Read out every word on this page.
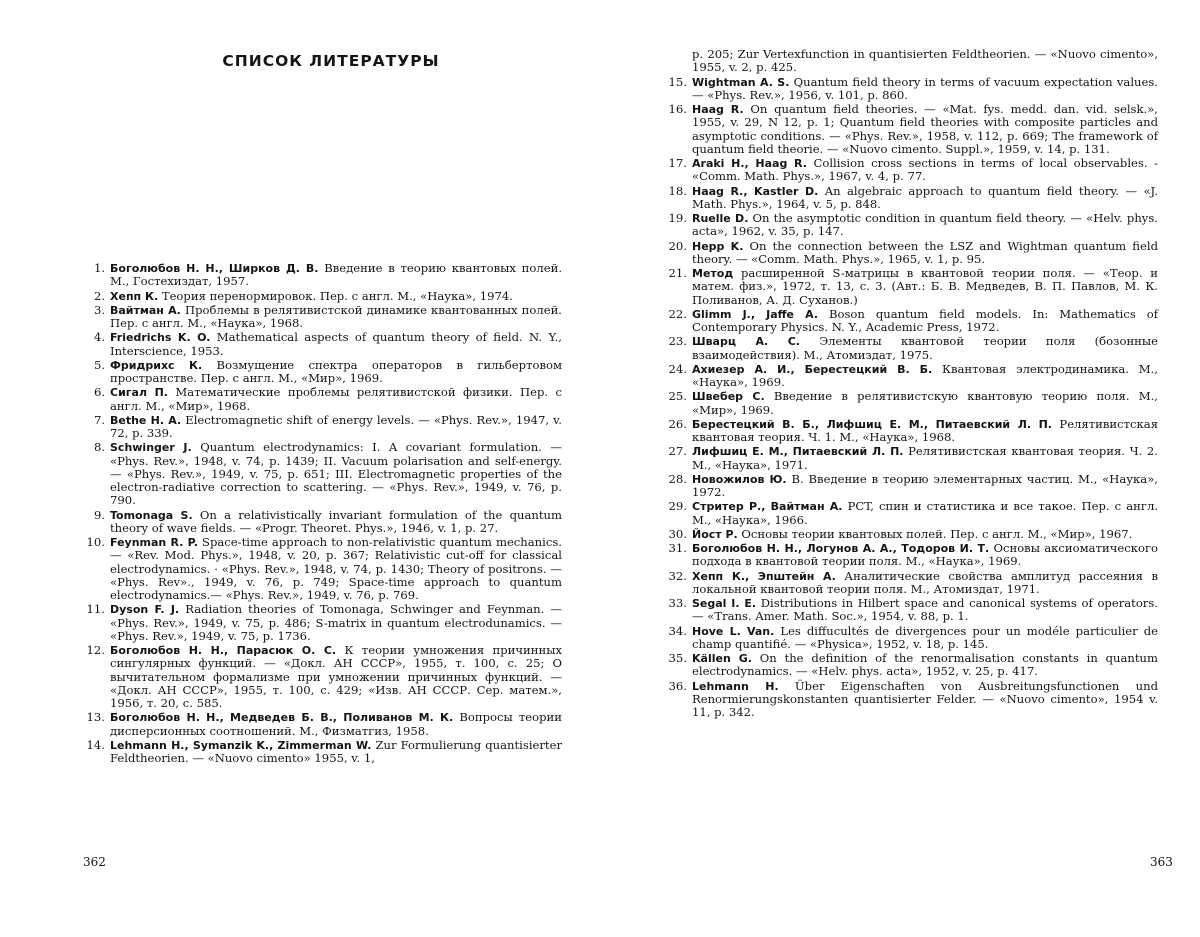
СПИСОК ЛИТЕРАТУРЫ
1. Боголюбов Н. Н., Ширков Д. В. Введение в теорию квантовых полей. М., Гостехиздат, 1957.
2. Хепп К. Теория перенормировок. Пер. с англ. М., «Наука», 1974.
3. Вайтман А. Проблемы в релятивистской динамике квантованных полей. Пер. с англ. М., «Наука», 1968.
4. Friedrichs K. O. Mathematical aspects of quantum theory of field. N. Y., Interscience, 1953.
5. Фридрихс К. Возмущение спектра операторов в гильбертовом пространстве. Пер. с англ. М., «Мир», 1969.
6. Сигал П. Математические проблемы релятивистской физики. Пер. с англ. М., «Мир», 1968.
7. Bethe H. A. Electromagnetic shift of energy levels. — «Phys. Rev.», 1947, v. 72, p. 339.
8. Schwinger J. Quantum electrodynamics: I. A covariant formulation. — «Phys. Rev.», 1948, v. 74, p. 1439; II. Vacuum polarisation and self-energy. — «Phys. Rev.», 1949, v. 75, p. 651; III. Electromagnetic properties of the electron-radiative correction to scattering. — «Phys. Rev.», 1949, v. 76, p. 790.
9. Tomonaga S. On a relativistically invariant formulation of the quantum theory of wave fields. — «Progr. Theoret. Phys.», 1946, v. 1, p. 27.
10. Feynman R. P. Space-time approach to non-relativistic quantum mechanics. — «Rev. Mod. Phys.», 1948, v. 20, p. 367; Relativistic cut-off for classical electrodynamics. · «Phys. Rev.», 1948, v. 74, p. 1430; Theory of positrons. — «Phys. Rev»., 1949, v. 76, p. 749; Space-time approach to quantum electrodynamics.— «Phys. Rev.», 1949, v. 76, p. 769.
11. Dyson F. J. Radiation theories of Tomonaga, Schwinger and Feynman. — «Phys. Rev.», 1949, v. 75, p. 486; S-matrix in quantum electrodunamics. — «Phys. Rev.», 1949, v. 75, p. 1736.
12. Боголюбов Н. Н., Парасюк О. С. К теории умножения причинных сингулярных функций. — «Докл. АН СССР», 1955, т. 100, с. 25; О вычитательном формализме при умножении причинных функций. — «Докл. АН СССР», 1955, т. 100, с. 429; «Изв. АН СССР. Сер. матем.», 1956, т. 20, с. 585.
13. Боголюбов Н. Н., Медведев Б. В., Поливанов М. К. Вопросы теории дисперсионных соотношений. М., Физматгиз, 1958.
14. Lehmann H., Symanzik K., Zimmerman W. Zur Formulierung quantisierter Feldtheorien. — «Nuovo cimento» 1955, v. 1,
362
p. 205; Zur Vertexfunction in quantisierten Feldtheorien. — «Nuovo cimento», 1955, v. 2, p. 425.
15. Wightman A. S. Quantum field theory in terms of vacuum expectation values. — «Phys. Rev.», 1956, v. 101, p. 860.
16. Haag R. On quantum field theories. — «Mat. fys. medd. dan. vid. selsk.», 1955, v. 29, N 12, p. 1; Quantum field theories with composite particles and asymptotic conditions. — «Phys. Rev.», 1958, v. 112, p. 669; The framework of quantum field theorie. — «Nuovo cimento. Suppl.», 1959, v. 14, p. 131.
17. Araki H., Haag R. Collision cross sections in terms of local observables. - «Comm. Math. Phys.», 1967, v. 4, p. 77.
18. Haag R., Kastler D. An algebraic approach to quantum field theory. — «J. Math. Phys.», 1964, v. 5, p. 848.
19. Ruelle D. On the asymptotic condition in quantum field theory. — «Helv. phys. acta», 1962, v. 35, p. 147.
20. Hepp K. On the connection between the LSZ and Wightman quantum field theory. — «Comm. Math. Phys.», 1965, v. 1, p. 95.
21. Метод расширенной S-матрицы в квантовой теории поля. — «Теор. и матем. физ.», 1972, т. 13, с. 3. (Авт.: Б. В. Медведев, В. П. Павлов, М. К. Поливанов, А. Д. Суханов.)
22. Glimm J., Jaffe A. Boson quantum field models. In: Mathematics of Contemporary Physics. N. Y., Academic Press, 1972.
23. Шварц А. С. Элементы квантовой теории поля (бозонные взаимодействия). М., Атомиздат, 1975.
24. Ахиезер А. И., Берестецкий В. Б. Квантовая электродинамика. М., «Наука», 1969.
25. Швебер С. Введение в релятивистскую квантовую теорию поля. М., «Мир», 1969.
26. Берестецкий В. Б., Лифшиц Е. М., Питаевский Л. П. Релятивистская квантовая теория. Ч. 1. М., «Наука», 1968.
27. Лифшиц Е. М., Питаевский Л. П. Релятивистская квантовая теория. Ч. 2. М., «Наука», 1971.
28. Новожилов Ю. В. Введение в теорию элементарных частиц. М., «Наука», 1972.
29. Стритер Р., Вайтман А. PCT, спин и статистика и все такое. Пер. с англ. М., «Наука», 1966.
30. Йост Р. Основы теории квантовых полей. Пер. с англ. М., «Мир», 1967.
31. Боголюбов Н. Н., Логунов А. А., Тодоров И. Т. Основы аксиоматического подхода в квантовой теории поля. М., «Наука», 1969.
32. Хепп К., Эпштейн А. Аналитические свойства амплитуд рассеяния в локальной квантовой теории поля. М., Атомиздат, 1971.
33. Segal I. E. Distributions in Hilbert space and canonical systems of operators. — «Trans. Amer. Math. Soc.», 1954, v. 88, p. 1.
34. Hove L. Van. Les diffucultés de divergences pour un modéle particulier de champ quantifié. — «Physica», 1952, v. 18, p. 145.
35. Källen G. On the definition of the renormalisation constants in quantum electrodynamics. — «Helv. phys. acta», 1952, v. 25, p. 417.
36. Lehmann H. Über Eigenschaften von Ausbreitungsfunctionen und Renormierungskonstanten quantisierter Felder. — «Nuovo cimento», 1954 v. 11, p. 342.
363
